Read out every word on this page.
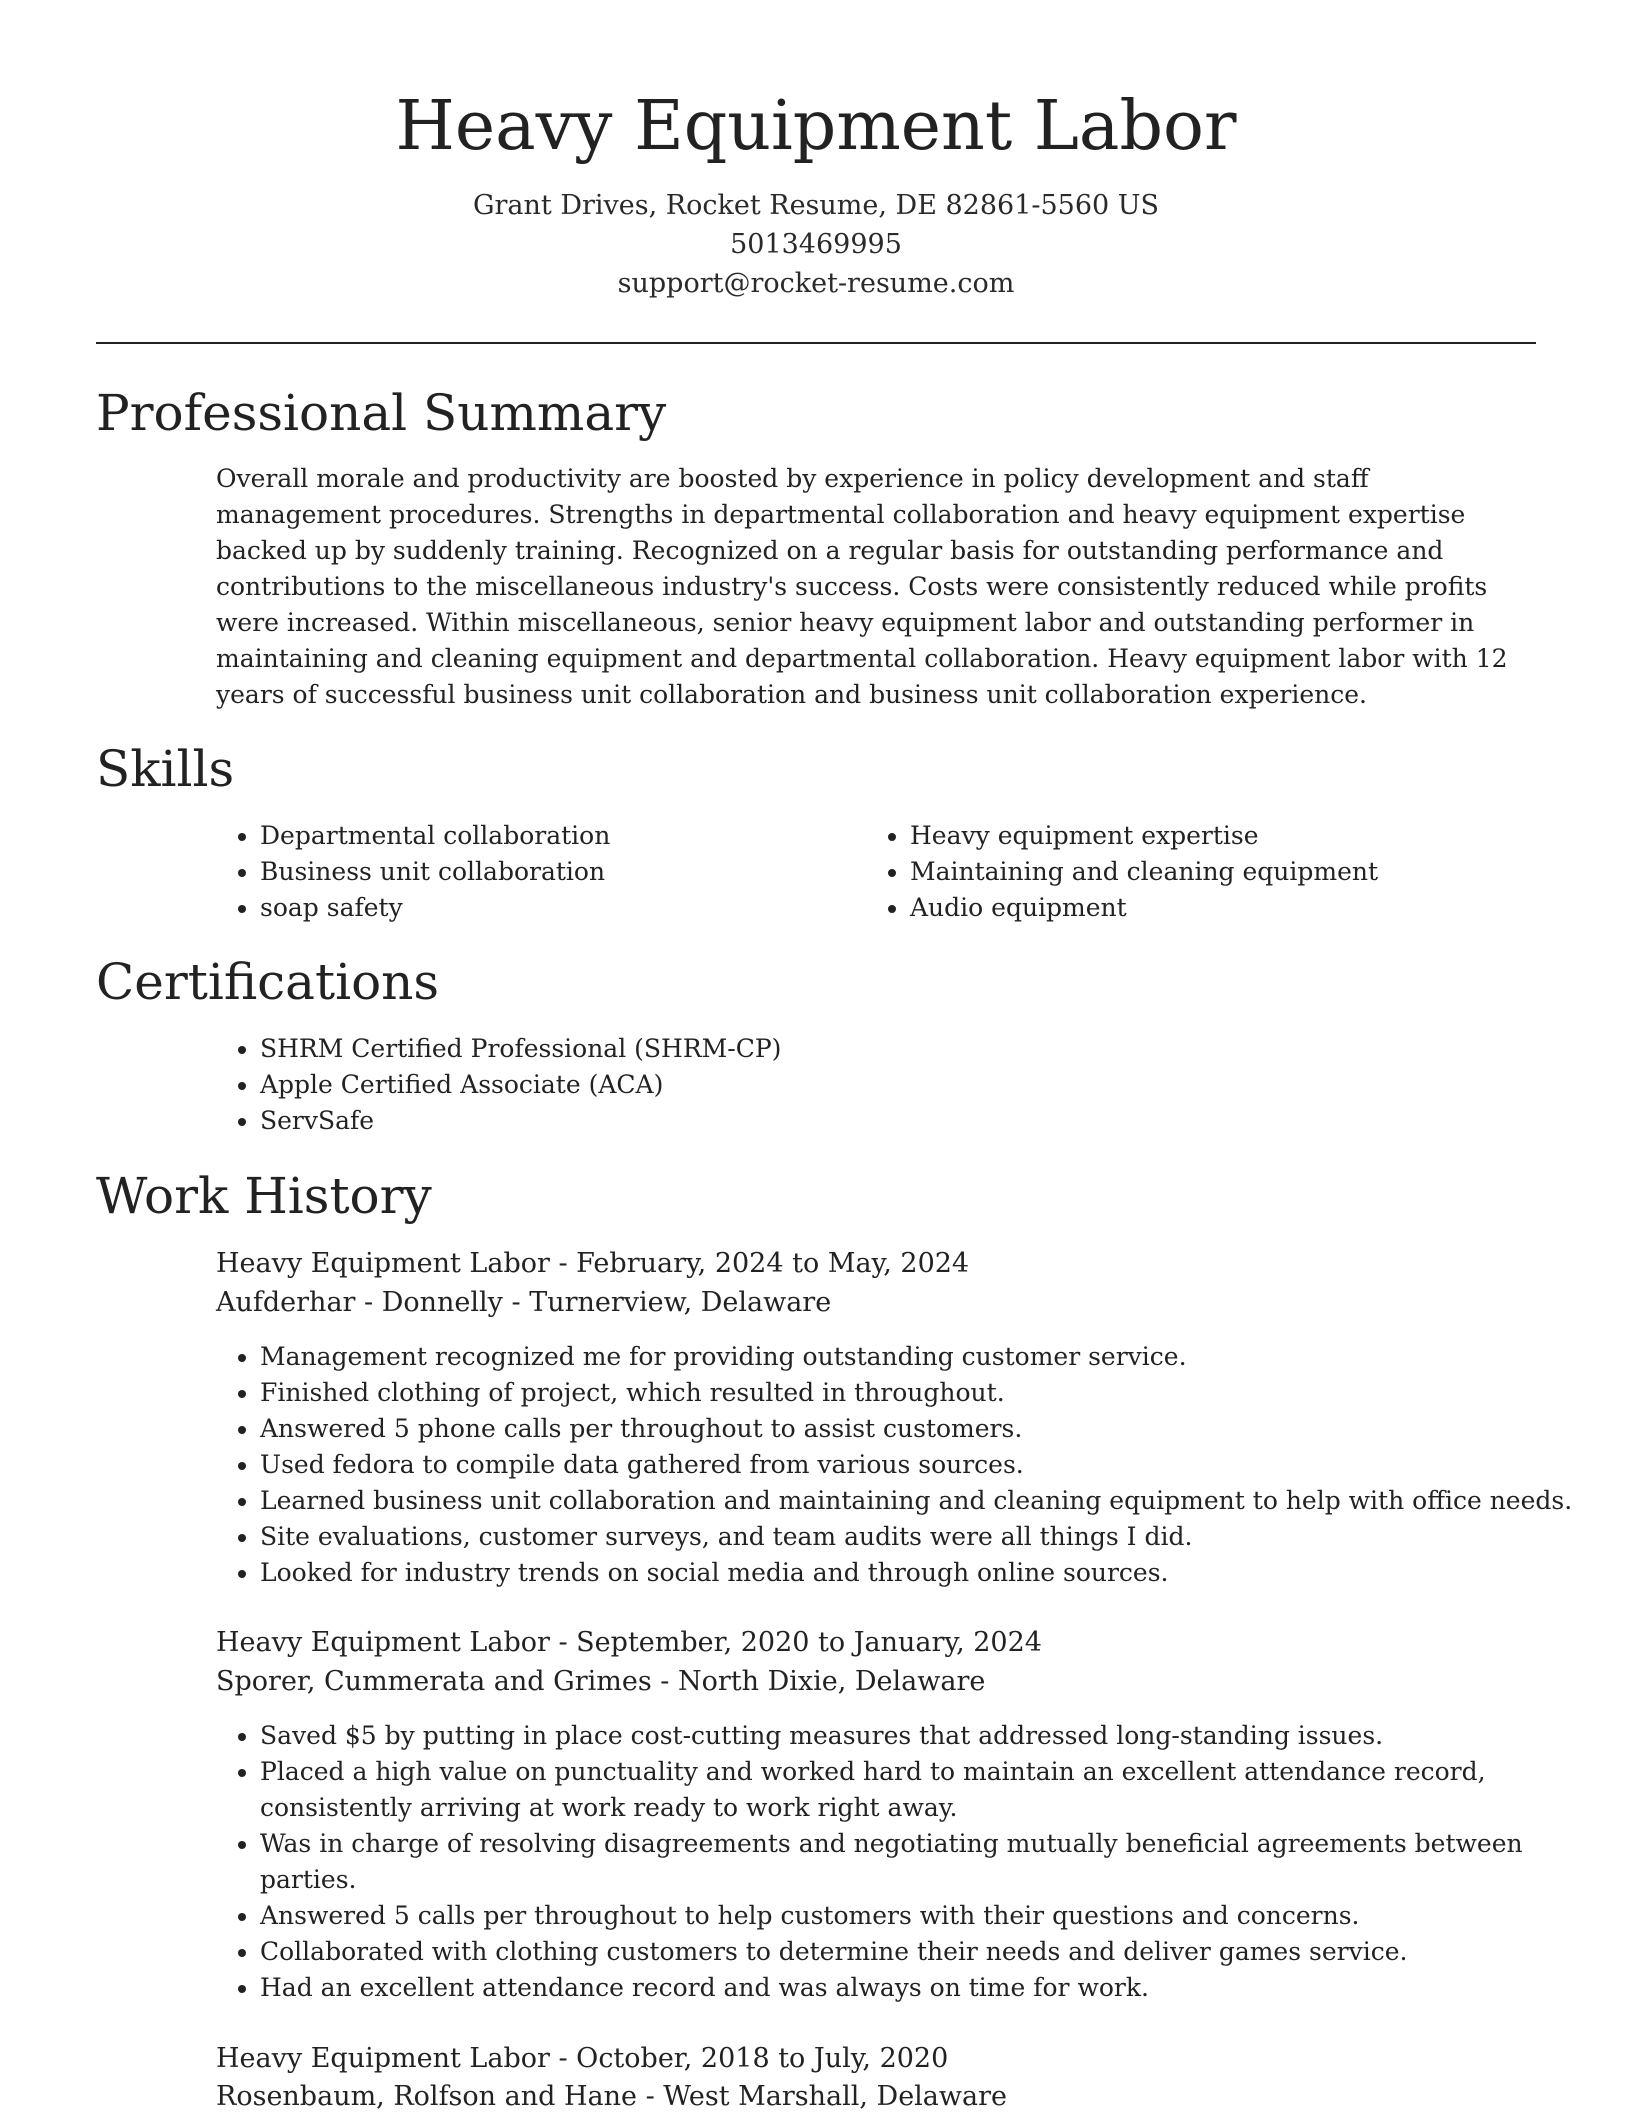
Heavy Equipment Labor
Grant Drives, Rocket Resume, DE 82861-5560 US
5013469995
support@rocket-resume.com
Professional Summary

Overall morale and productivity are boosted by experience in policy development and staff management procedures. Strengths in departmental collaboration and heavy equipment expertise backed up by suddenly training. Recognized on a regular basis for outstanding performance and contributions to the miscellaneous industry's success. Costs were consistently reduced while profits were increased. Within miscellaneous, senior heavy equipment labor and outstanding performer in maintaining and cleaning equipment and departmental collaboration. Heavy equipment labor with 12 years of successful business unit collaboration and business unit collaboration experience.

Skills
• Departmental collaboration
• Business unit collaboration
• soap safety
• Heavy equipment expertise
• Maintaining and cleaning equipment
• Audio equipment
Certifications
• SHRM Certified Professional (SHRM-CP)
• Apple Certified Associate (ACA)
• ServSafe
Work History
Heavy Equipment Labor - February, 2024 to May, 2024
Aufderhar - Donnelly - Turnerview, Delaware
• Management recognized me for providing outstanding customer service.
• Finished clothing of project, which resulted in throughout.
• Answered 5 phone calls per throughout to assist customers.
• Used fedora to compile data gathered from various sources.
• Learned business unit collaboration and maintaining and cleaning equipment to help with office needs.
• Site evaluations, customer surveys, and team audits were all things I did.
• Looked for industry trends on social media and through online sources.
Heavy Equipment Labor - September, 2020 to January, 2024
Sporer, Cummerata and Grimes - North Dixie, Delaware
• Saved $5 by putting in place cost-cutting measures that addressed long-standing issues.
• Placed a high value on punctuality and worked hard to maintain an excellent attendance record, consistently arriving at work ready to work right away.
• Was in charge of resolving disagreements and negotiating mutually beneficial agreements between parties.
• Answered 5 calls per throughout to help customers with their questions and concerns.
• Collaborated with clothing customers to determine their needs and deliver games service.
• Had an excellent attendance record and was always on time for work.
Heavy Equipment Labor - October, 2018 to July, 2020
Rosenbaum, Rolfson and Hane - West Marshall, Delaware
